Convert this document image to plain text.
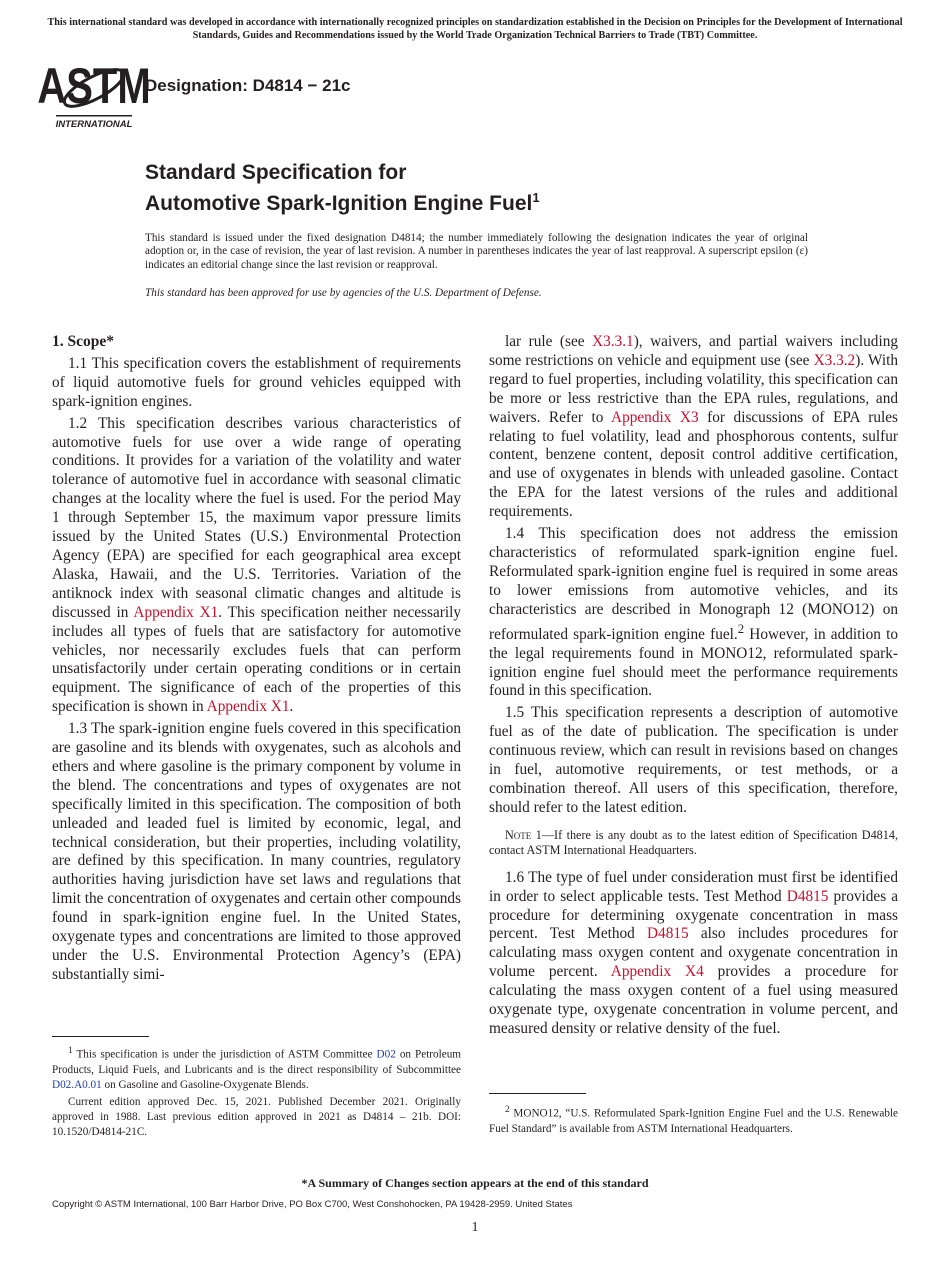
This international standard was developed in accordance with internationally recognized principles on standardization established in the Decision on Principles for the Development of International Standards, Guides and Recommendations issued by the World Trade Organization Technical Barriers to Trade (TBT) Committee.
ASTM
INTERNATIONAL
Designation: D4814 − 21c
Standard Specification for
Automotive Spark-Ignition Engine Fuel$^1$
This standard is issued under the fixed designation D4814; the number immediately following the designation indicates the year of original adoption or, in the case of revision, the year of last revision. A number in parentheses indicates the year of last reapproval. A superscript epsilon (ε) indicates an editorial change since the last revision or reapproval.
This standard has been approved for use by agencies of the U.S. Department of Defense.
1. Scope*

1.1 This specification covers the establishment of requirements of liquid automotive fuels for ground vehicles equipped with spark-ignition engines.

1.2 This specification describes various characteristics of automotive fuels for use over a wide range of operating conditions. It provides for a variation of the volatility and water tolerance of automotive fuel in accordance with seasonal climatic changes at the locality where the fuel is used. For the period May 1 through September 15, the maximum vapor pressure limits issued by the United States (U.S.) Environmental Protection Agency (EPA) are specified for each geographical area except Alaska, Hawaii, and the U.S. Territories. Variation of the antiknock index with seasonal climatic changes and altitude is discussed in Appendix X1. This specification neither necessarily includes all types of fuels that are satisfactory for automotive vehicles, nor necessarily excludes fuels that can perform unsatisfactorily under certain operating conditions or in certain equipment. The significance of each of the properties of this specification is shown in Appendix X1.

1.3 The spark-ignition engine fuels covered in this specification are gasoline and its blends with oxygenates, such as alcohols and ethers and where gasoline is the primary component by volume in the blend. The concentrations and types of oxygenates are not specifically limited in this specification. The composition of both unleaded and leaded fuel is limited by economic, legal, and technical consideration, but their properties, including volatility, are defined by this specification. In many countries, regulatory authorities having jurisdiction have set laws and regulations that limit the concentration of oxygenates and certain other compounds found in spark-ignition engine fuel. In the United States, oxygenate types and concentrations are limited to those approved under the U.S. Environmental Protection Agency’s (EPA) substantially simi-

lar rule (see X3.3.1), waivers, and partial waivers including some restrictions on vehicle and equipment use (see X3.3.2). With regard to fuel properties, including volatility, this specification can be more or less restrictive than the EPA rules, regulations, and waivers. Refer to Appendix X3 for discussions of EPA rules relating to fuel volatility, lead and phosphorous contents, sulfur content, benzene content, deposit control additive certification, and use of oxygenates in blends with unleaded gasoline. Contact the EPA for the latest versions of the rules and additional requirements.

1.4 This specification does not address the emission characteristics of reformulated spark-ignition engine fuel. Reformulated spark-ignition engine fuel is required in some areas to lower emissions from automotive vehicles, and its characteristics are described in Monograph 12 (MONO12) on reformulated spark-ignition engine fuel.$^2$ However, in addition to the legal requirements found in MONO12, reformulated spark-ignition engine fuel should meet the performance requirements found in this specification.

1.5 This specification represents a description of automotive fuel as of the date of publication. The specification is under continuous review, which can result in revisions based on changes in fuel, automotive requirements, or test methods, or a combination thereof. All users of this specification, therefore, should refer to the latest edition.

Note 1—If there is any doubt as to the latest edition of Specification D4814, contact ASTM International Headquarters.

1.6 The type of fuel under consideration must first be identified in order to select applicable tests. Test Method D4815 provides a procedure for determining oxygenate concentration in mass percent. Test Method D4815 also includes procedures for calculating mass oxygen content and oxygenate concentration in volume percent. Appendix X4 provides a procedure for calculating the mass oxygen content of a fuel using measured oxygenate type, oxygenate concentration in volume percent, and measured density or relative density of the fuel.

$^1$ This specification is under the jurisdiction of ASTM Committee D02 on Petroleum Products, Liquid Fuels, and Lubricants and is the direct responsibility of Subcommittee D02.A0.01 on Gasoline and Gasoline-Oxygenate Blends.

Current edition approved Dec. 15, 2021. Published December 2021. Originally approved in 1988. Last previous edition approved in 2021 as D4814 – 21b. DOI: 10.1520/D4814-21C.

$^2$ MONO12, “U.S. Reformulated Spark-Ignition Engine Fuel and the U.S. Renewable Fuel Standard” is available from ASTM International Headquarters.

*A Summary of Changes section appears at the end of this standard
Copyright © ASTM International, 100 Barr Harbor Drive, PO Box C700, West Conshohocken, PA 19428-2959. United States
1
